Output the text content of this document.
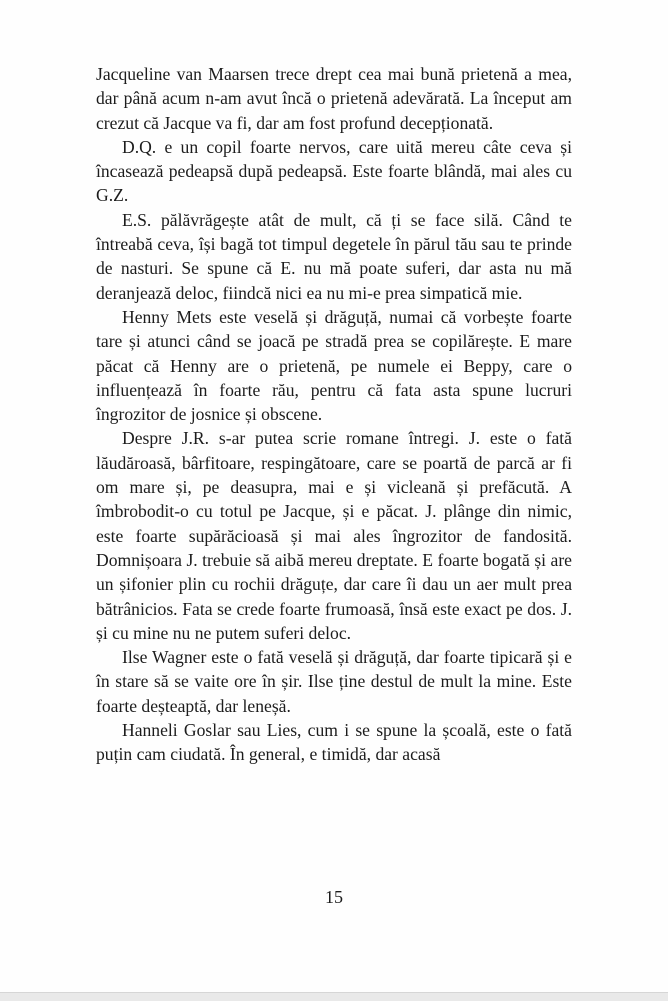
Jacqueline van Maarsen trece drept cea mai bună prietenă a mea, dar până acum n-am avut încă o prietenă adevărată. La început am crezut că Jacque va fi, dar am fost profund decepționată.

D.Q. e un copil foarte nervos, care uită mereu câte ceva și încasează pedeapsă după pedeapsă. Este foarte blândă, mai ales cu G.Z.

E.S. pălăvrăgește atât de mult, că ți se face silă. Când te întreabă ceva, își bagă tot timpul degetele în părul tău sau te prinde de nasturi. Se spune că E. nu mă poate suferi, dar asta nu mă deranjează deloc, fiindcă nici ea nu mi-e prea simpatică mie.

Henny Mets este veselă și drăguță, numai că vorbește foarte tare și atunci când se joacă pe stradă prea se copilărește. E mare păcat că Henny are o prietenă, pe numele ei Beppy, care o influențează în foarte rău, pentru că fata asta spune lucruri îngrozitor de josnice și obscene.

Despre J.R. s-ar putea scrie romane întregi. J. este o fată lăudăroasă, bârfitoare, respingătoare, care se poartă de parcă ar fi om mare și, pe deasupra, mai e și vicleană și prefăcută. A îmbrobodit-o cu totul pe Jacque, și e păcat. J. plânge din nimic, este foarte supărăcioasă și mai ales îngrozitor de fandosită. Domnișoara J. trebuie să aibă mereu dreptate. E foarte bogată și are un șifonier plin cu rochii drăguțe, dar care îi dau un aer mult prea bătrânicios. Fata se crede foarte frumoasă, însă este exact pe dos. J. și cu mine nu ne putem suferi deloc.

Ilse Wagner este o fată veselă și drăguță, dar foarte tipicară și e în stare să se vaite ore în șir. Ilse ține destul de mult la mine. Este foarte deșteaptă, dar leneșă.

Hanneli Goslar sau Lies, cum i se spune la școală, este o fată puțin cam ciudată. În general, e timidă, dar acasă

15
